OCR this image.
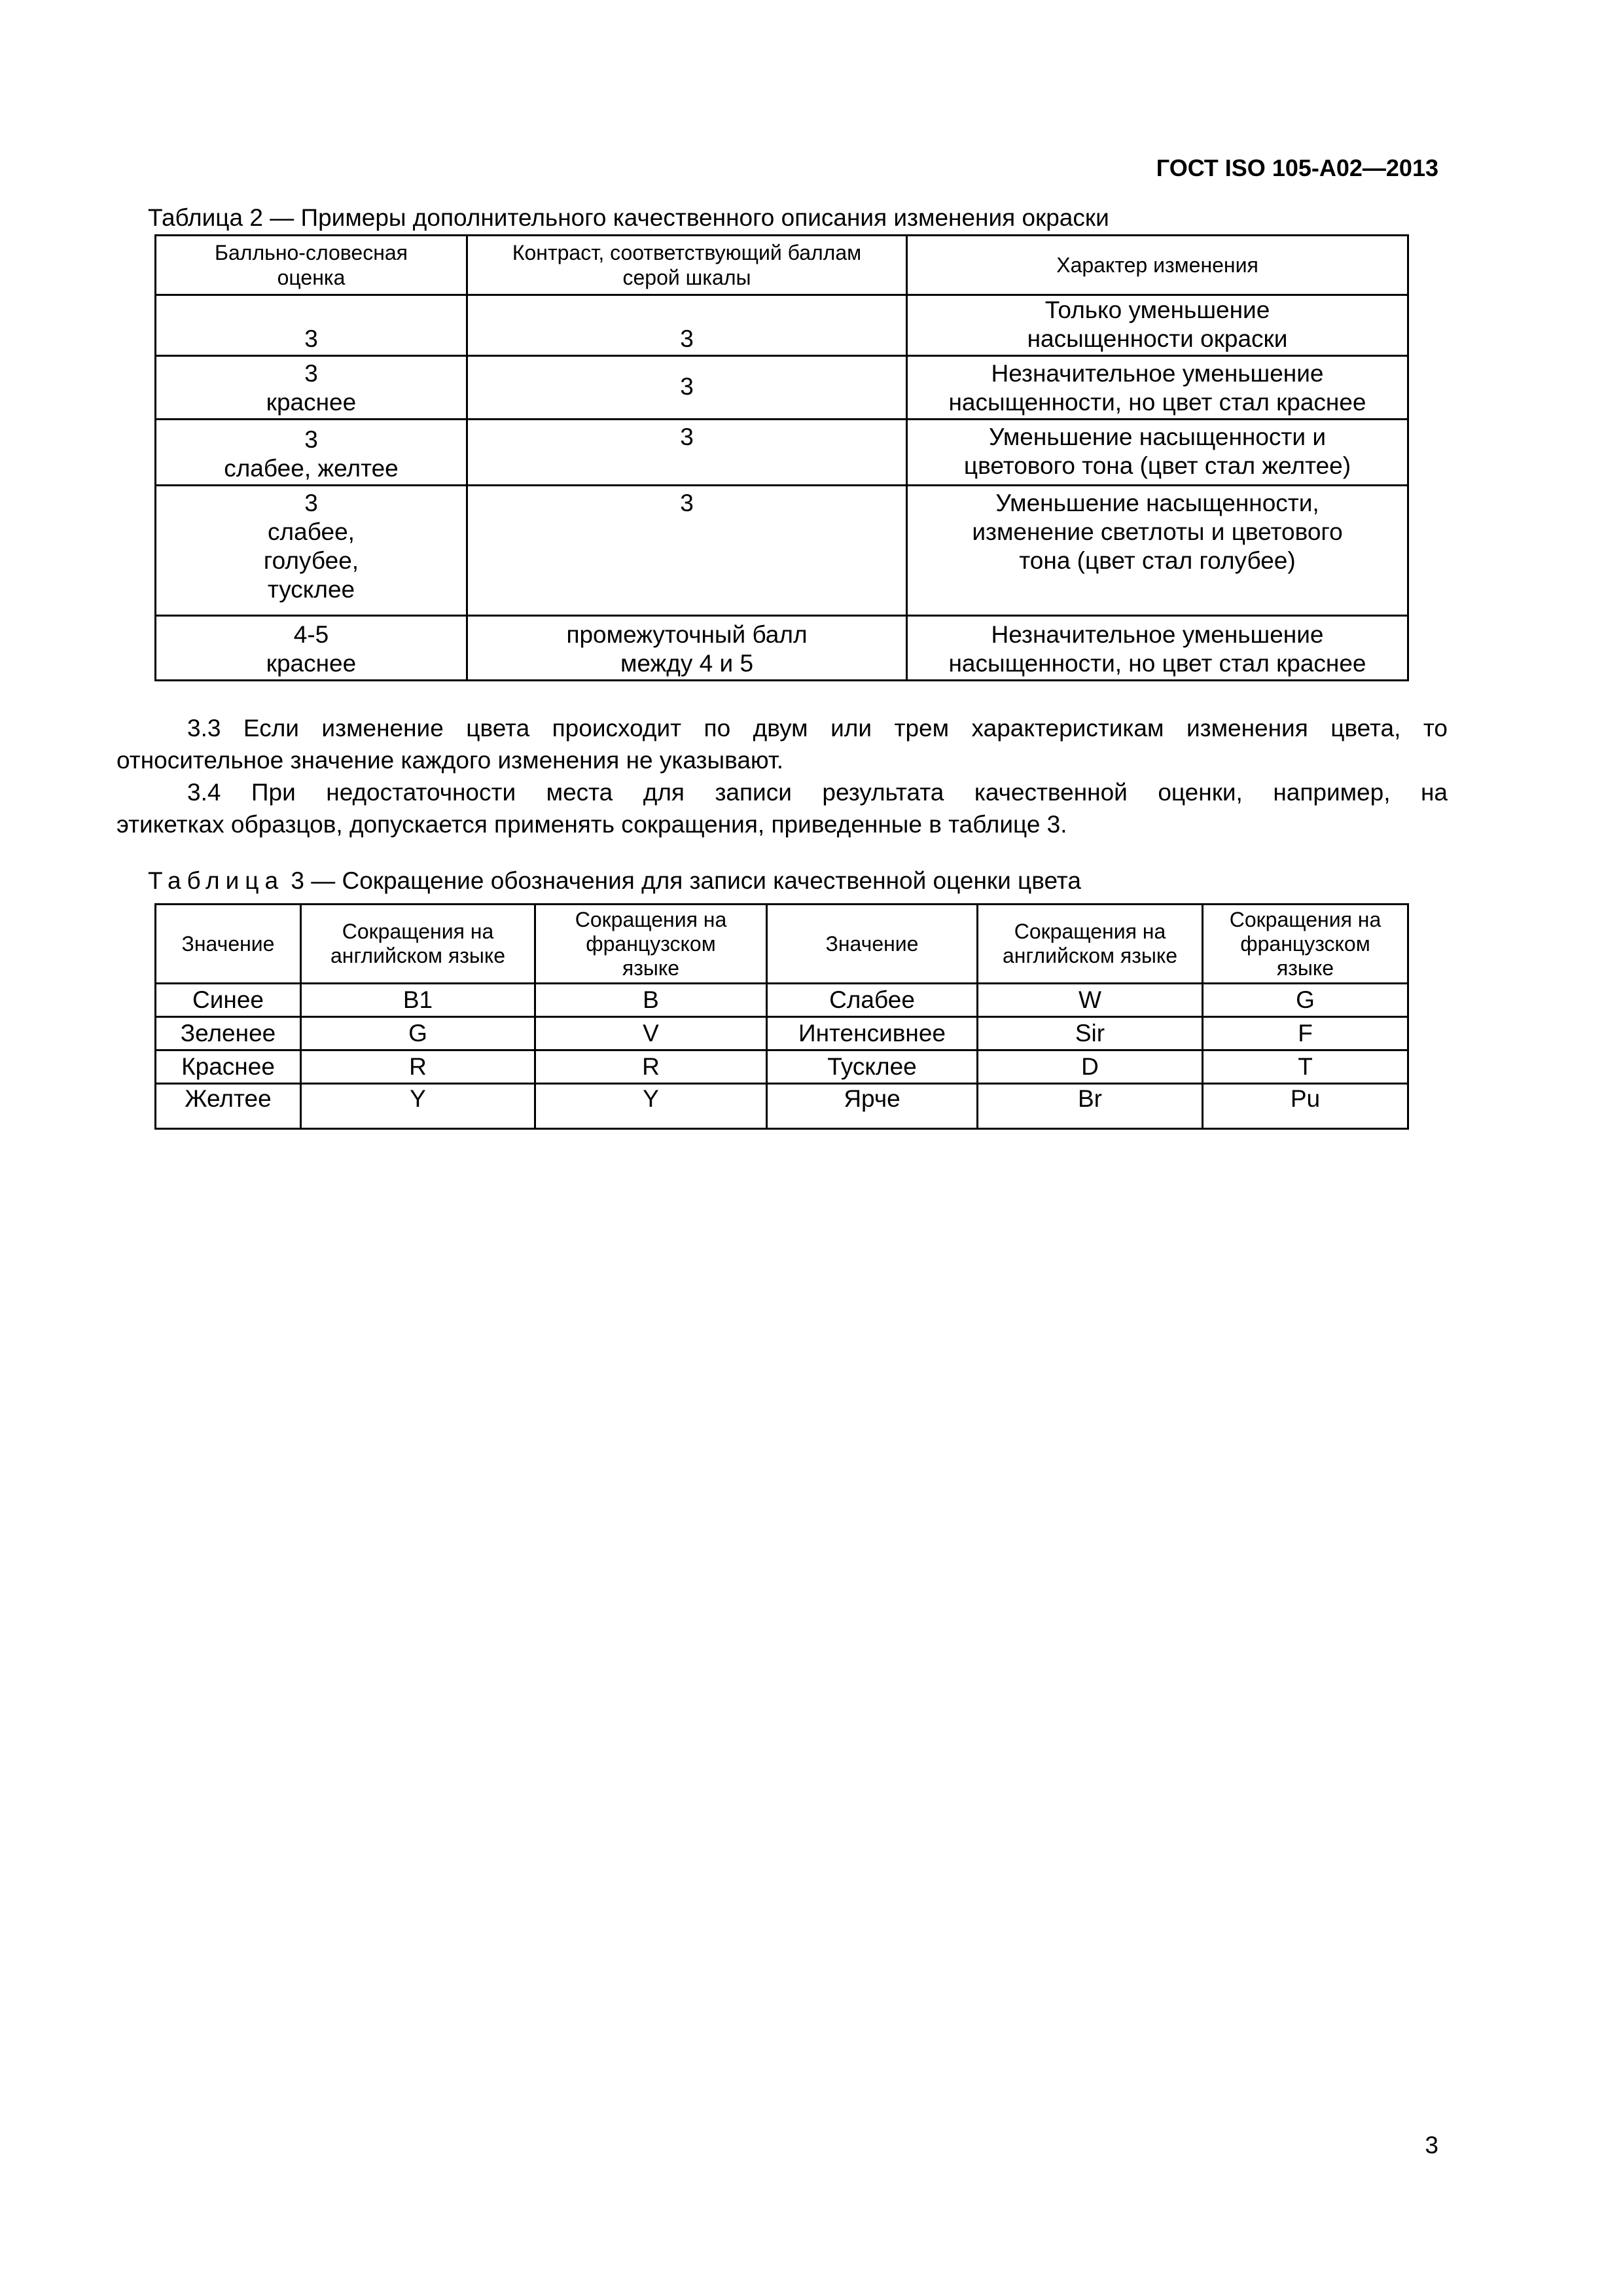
ГОСТ ISO 105-A02—2013
Таблица 2 — Примеры дополнительного качественного описания изменения окраски
Балльно-словесная
оценка	Контраст, соответствующий баллам
серой шкалы	Характер изменения
3	3	Только уменьшение
насыщенности окраски
3
краснее	3	Незначительное уменьшение
насыщенности, но цвет стал краснее
3
слабее, желтее	3	Уменьшение насыщенности и
цветового тона (цвет стал желтее)
3
слабее,
голубее,
тусклее	3	Уменьшение насыщенности,
изменение светлоты и цветового
тона (цвет стал голубее)
4-5
краснее	промежуточный балл
между 4 и 5	Незначительное уменьшение
насыщенности, но цвет стал краснее
3.3 Если изменение цвета происходит по двум или трем характеристикам изменения цвета, то
относительное значение каждого изменения не указывают.
3.4 При недостаточности места для записи результата качественной оценки, например, на
этикетках образцов, допускается применять сокращения, приведенные в таблице 3.
Таблица 3 — Сокращение обозначения для записи качественной оценки цвета
Значение	Сокращения на
английском языке	Сокращения на
французском
языке	Значение	Сокращения на
английском языке	Сокращения на
французском
языке
Синее	B1	B	Слабее	W	G
Зеленее	G	V	Интенсивнее	Sir	F
Краснее	R	R	Тусклее	D	T
Желтее	Y	Y	Ярче	Br	Pu
3
